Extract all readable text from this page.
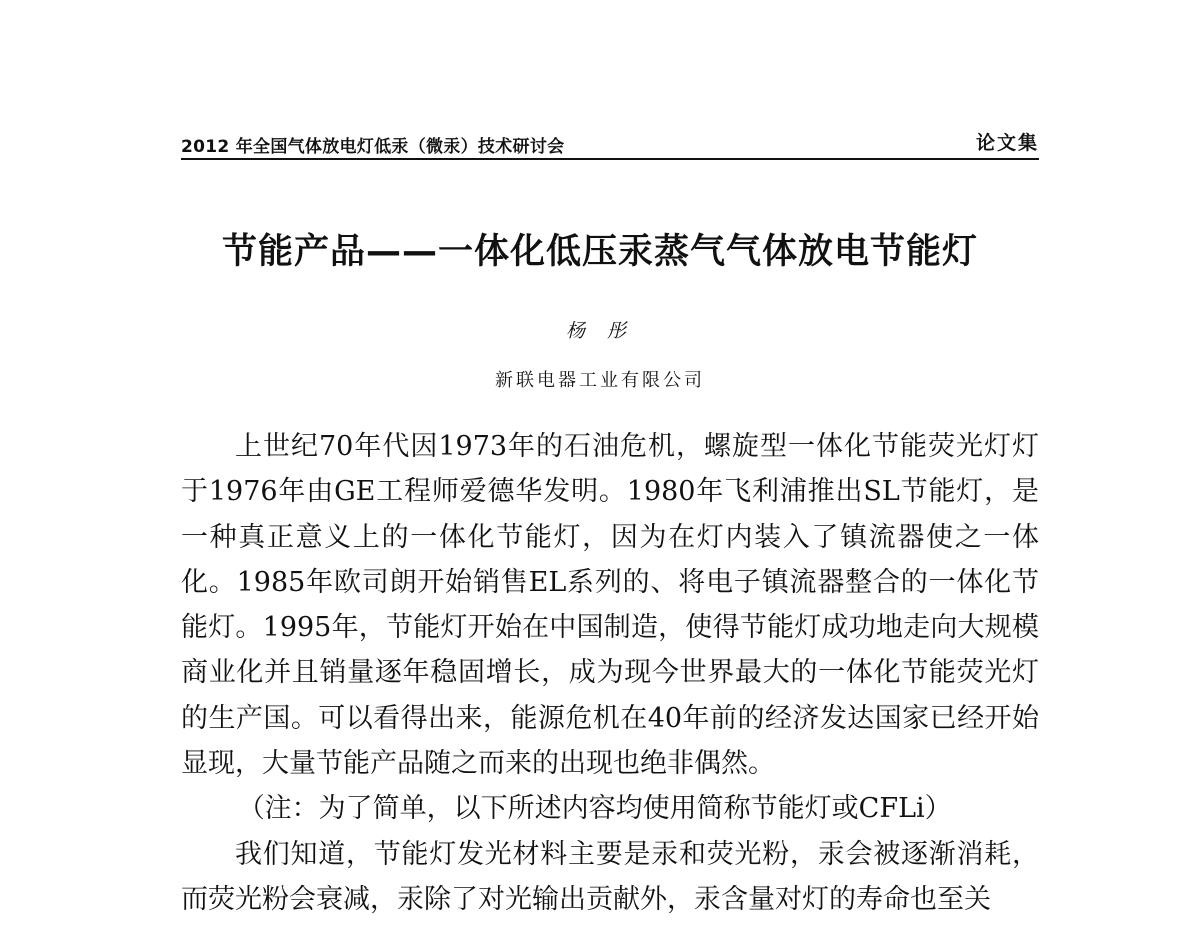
2012 年全国气体放电灯低汞（微汞）技术研讨会	论文集
节能产品——一体化低压汞蒸气气体放电节能灯
杨 彤
新联电器工业有限公司

上世纪70年代因1973年的石油危机，螺旋型一体化节能荧光灯灯于1976年由GE工程师爱德华发明。1980年飞利浦推出SL节能灯，是一种真正意义上的一体化节能灯，因为在灯内装入了镇流器使之一体化。1985年欧司朗开始销售EL系列的、将电子镇流器整合的一体化节能灯。1995年，节能灯开始在中国制造，使得节能灯成功地走向大规模商业化并且销量逐年稳固增长，成为现今世界最大的一体化节能荧光灯的生产国。可以看得出来，能源危机在40年前的经济发达国家已经开始显现，大量节能产品随之而来的出现也绝非偶然。

（注：为了简单，以下所述内容均使用简称节能灯或CFLi）

我们知道，节能灯发光材料主要是汞和荧光粉，汞会被逐渐消耗，而荧光粉会衰减，汞除了对光输出贡献外，汞含量对灯的寿命也至关
